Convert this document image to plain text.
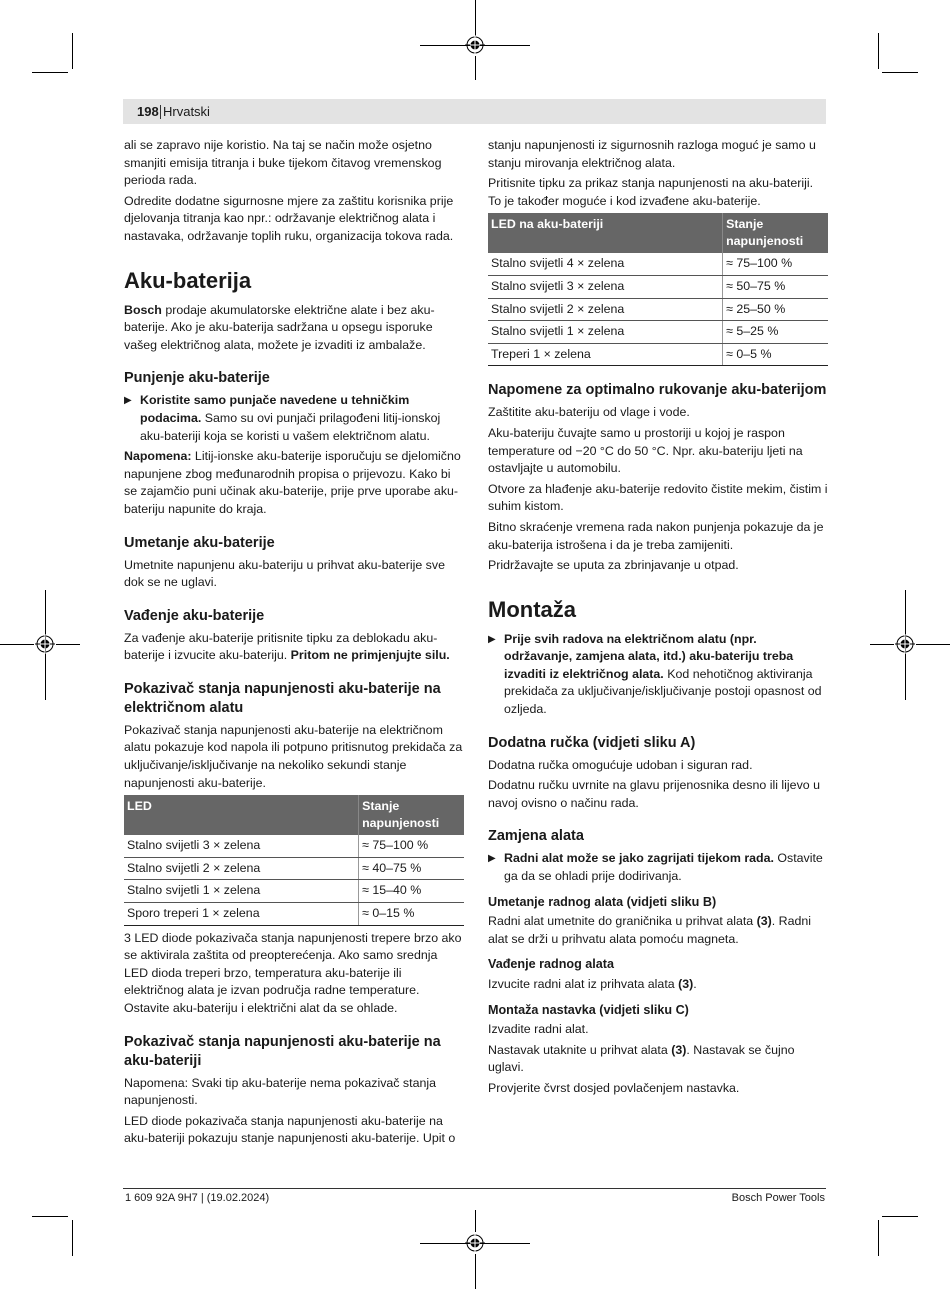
198 Hrvatski

ali se zapravo nije koristio. Na taj se način može osjetno smanjiti emisija titranja i buke tijekom čitavog vremenskog perioda rada.

Odredite dodatne sigurnosne mjere za zaštitu korisnika prije djelovanja titranja kao npr.: održavanje električnog alata i nastavaka, održavanje toplih ruku, organizacija tokova rada.

Aku-baterija

Bosch prodaje akumulatorske električne alate i bez aku-baterije. Ako je aku-baterija sadržana u opsegu isporuke vašeg električnog alata, možete je izvaditi iz ambalaže.

Punjenje aku-baterije
▶ Koristite samo punjače navedene u tehničkim podacima. Samo su ovi punjači prilagođeni litij-ionskoj aku-bateriji koja se koristi u vašem električnom alatu.

Napomena: Litij-ionske aku-baterije isporučuju se djelomično napunjene zbog međunarodnih propisa o prijevozu. Kako bi se zajamčio puni učinak aku-baterije, prije prve uporabe aku-bateriju napunite do kraja.

Umetanje aku-baterije

Umetnite napunjenu aku-bateriju u prihvat aku-baterije sve dok se ne uglavi.

Vađenje aku-baterije

Za vađenje aku-baterije pritisnite tipku za deblokadu aku-baterije i izvucite aku-bateriju. Pritom ne primjenjujte silu.

Pokazivač stanja napunjenosti aku-baterije na električnom alatu

Pokazivač stanja napunjenosti aku-baterije na električnom alatu pokazuje kod napola ili potpuno pritisnutog prekidača za uključivanje/isključivanje na nekoliko sekundi stanje napunjenosti aku-baterije.

LED	Stanje napunjenosti
Stalno svijetli 3 × zelena	≈ 75–100 %
Stalno svijetli 2 × zelena	≈ 40–75 %
Stalno svijetli 1 × zelena	≈ 15–40 %
Sporo treperi 1 × zelena	≈ 0–15 %

3 LED diode pokazivača stanja napunjenosti treperе brzo ako se aktivirala zaštita od preopterećenja. Ako samo srednja LED dioda treperi brzo, temperatura aku-baterije ili električnog alata je izvan područja radne temperature. Ostavite aku-bateriju i električni alat da se ohlade.

Pokazivač stanja napunjenosti aku-baterije na aku-bateriji

Napomena: Svaki tip aku-baterije nema pokazivač stanja napunjenosti.

LED diode pokazivača stanja napunjenosti aku-baterije na aku-bateriji pokazuju stanje napunjenosti aku-baterije. Upit o

stanju napunjenosti iz sigurnosnih razloga moguć je samo u stanju mirovanja električnog alata.

Pritisnite tipku za prikaz stanja napunjenosti na aku-bateriji. To je također moguće i kod izvađene aku-baterije.

LED na aku-bateriji	Stanje napunjenosti
Stalno svijetli 4 × zelena	≈ 75–100 %
Stalno svijetli 3 × zelena	≈ 50–75 %
Stalno svijetli 2 × zelena	≈ 25–50 %
Stalno svijetli 1 × zelena	≈ 5–25 %
Treperi 1 × zelena	≈ 0–5 %
Napomene za optimalno rukovanje aku-baterijom

Zaštitite aku-bateriju od vlage i vode.

Aku-bateriju čuvajte samo u prostoriji u kojoj je raspon temperature od −20 °C do 50 °C. Npr. aku-bateriju ljeti na ostavljajte u automobilu.

Otvore za hlađenje aku-baterije redovito čistite mekim, čistim i suhim kistom.

Bitno skraćenje vremena rada nakon punjenja pokazuje da je aku-baterija istrošena i da je treba zamijeniti.

Pridržavajte se uputa za zbrinjavanje u otpad.

Montaža
▶ Prije svih radova na električnom alatu (npr. održavanje, zamjena alata, itd.) aku-bateriju treba izvaditi iz električnog alata. Kod nehotičnog aktiviranja prekidača za uključivanje/isključivanje postoji opasnost od ozljeda.
Dodatna ručka (vidjeti sliku A)

Dodatna ručka omogućuje udoban i siguran rad.

Dodatnu ručku uvrnite na glavu prijenosnika desno ili lijevo u navoj ovisno o načinu rada.

Zamjena alata
▶ Radni alat može se jako zagrijati tijekom rada. Ostavite ga da se ohladi prije dodirivanja.
Umetanje radnog alata (vidjeti sliku B)

Radni alat umetnite do graničnika u prihvat alata (3). Radni alat se drži u prihvatu alata pomoću magneta.

Vađenje radnog alata

Izvucite radni alat iz prihvata alata (3).

Montaža nastavka (vidjeti sliku C)

Izvadite radni alat.

Nastavak utaknite u prihvat alata (3). Nastavak se čujno uglavi.

Provjerite čvrst dosjed povlačenjem nastavka.

1 609 92A 9H7 | (19.02.2024)	Bosch Power Tools
